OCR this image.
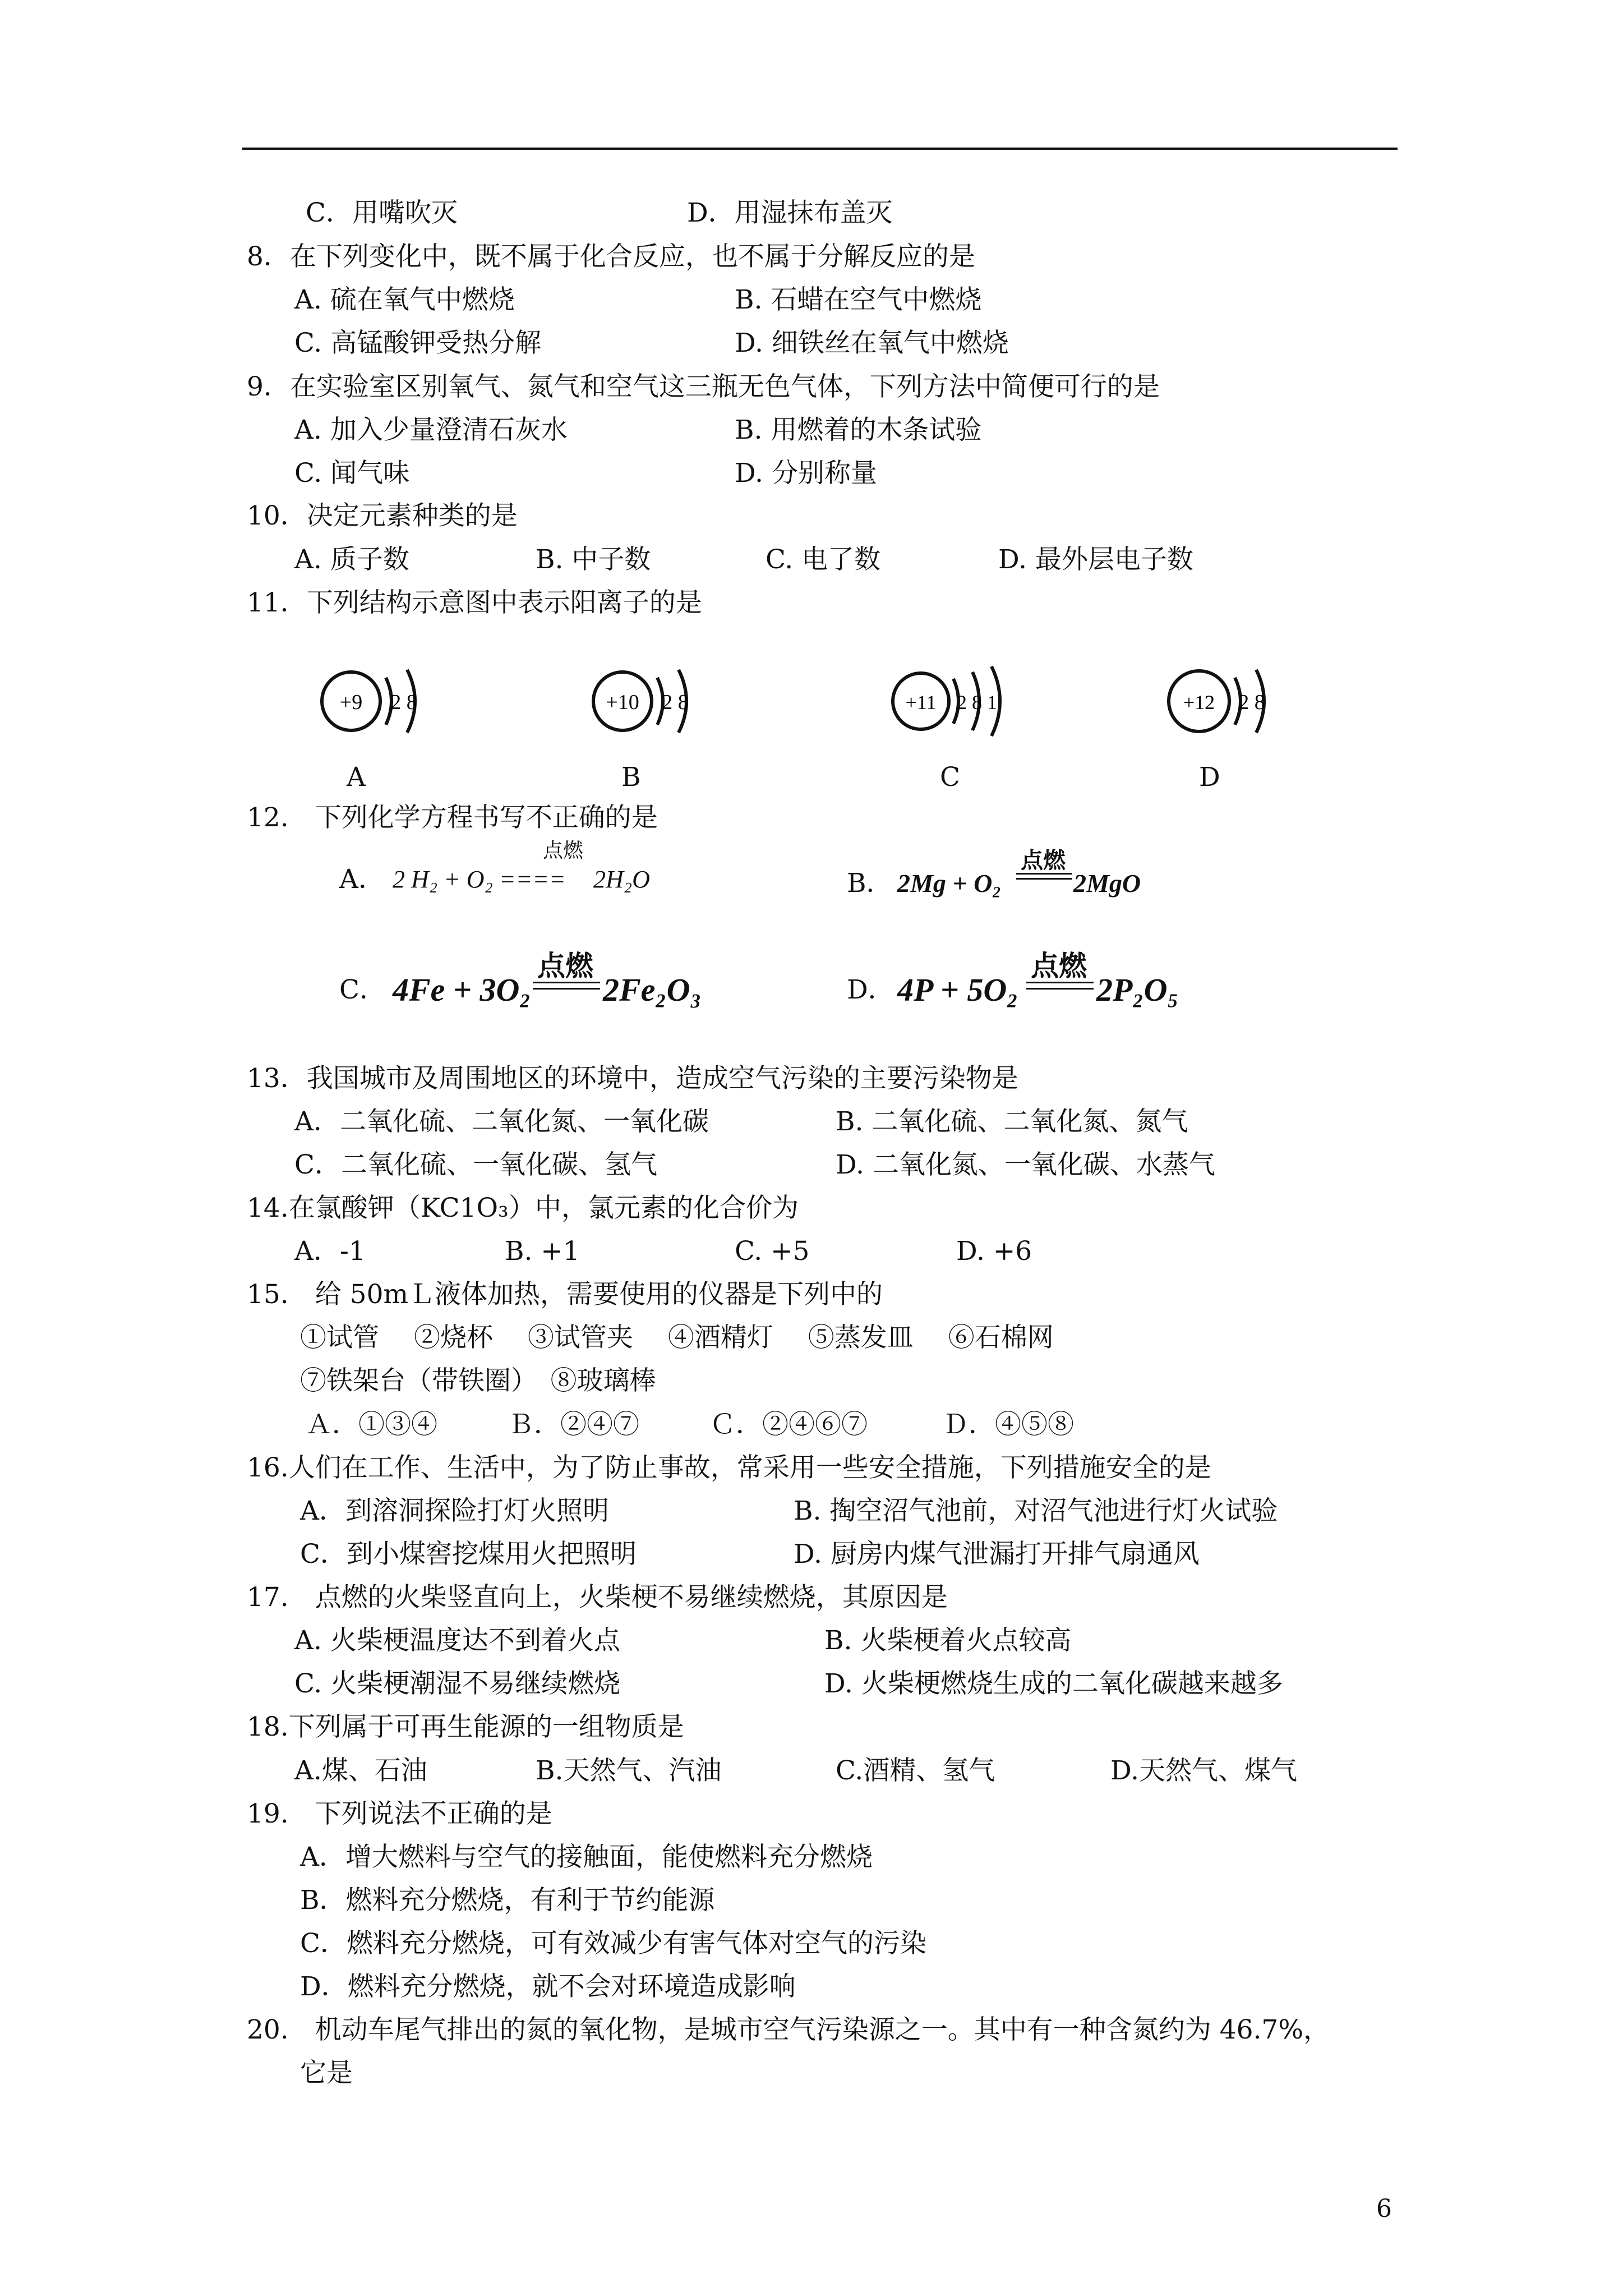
C．用嘴吹灭	D．用湿抹布盖灭
8．在下列变化中，既不属于化合反应，也不属于分解反应的是
A. 硫在氧气中燃烧	B. 石蜡在空气中燃烧
C. 高锰酸钾受热分解	D. 细铁丝在氧气中燃烧
9．在实验室区别氧气、氮气和空气这三瓶无色气体，下列方法中简便可行的是
A. 加入少量澄清石灰水	B. 用燃着的木条试验
C. 闻气味	D. 分别称量
10．决定元素种类的是
A. 质子数	B. 中子数	C. 电了数	D. 最外层电子数
11．下列结构示意图中表示阳离子的是
+9 2 8
A
+10 2 8
B
+11 2 8 1
C
+12 2 8
D
12.　下列化学方程书写不正确的是
点燃
A． 2 H₂ + O₂ ==== 2H₂O	B． 2Mg + O₂
点燃
2MgO
C． 4Fe + 3O₂
点燃
2Fe₂O₃	D． 4P + 5O₂
点燃
2P₂O₅
13．我国城市及周围地区的环境中，造成空气污染的主要污染物是
A．二氧化硫、二氧化氮、一氧化碳	B. 二氧化硫、二氧化氮、氮气
C．二氧化硫、一氧化碳、氢气	D. 二氧化氮、一氧化碳、水蒸气
14.在氯酸钾（KC1O₃）中，氯元素的化合价为
A．-1	B. +1	C. +5	D. +6
15.　给 50mＬ液体加热，需要使用的仪器是下列中的
①试管　 ②烧杯　 ③试管夹　 ④酒精灯　 ⑤蒸发皿　 ⑥石棉网
⑦铁架台（带铁圈）　⑧玻璃棒
Ａ．①③④	Ｂ．②④⑦	Ｃ．②④⑥⑦	Ｄ．④⑤⑧
16.人们在工作、生活中，为了防止事故，常采用一些安全措施，下列措施安全的是
A．到溶洞探险打灯火照明	B. 掏空沼气池前，对沼气池进行灯火试验
C．到小煤窖挖煤用火把照明	D. 厨房内煤气泄漏打开排气扇通风
17.　点燃的火柴竖直向上，火柴梗不易继续燃烧，其原因是
A. 火柴梗温度达不到着火点	B. 火柴梗着火点较高
C. 火柴梗潮湿不易继续燃烧	D. 火柴梗燃烧生成的二氧化碳越来越多
18.下列属于可再生能源的一组物质是
A.煤、石油	B.天然气、汽油	C.酒精、氢气	D.天然气、煤气
19.　下列说法不正确的是
A．增大燃料与空气的接触面，能使燃料充分燃烧
B．燃料充分燃烧，有利于节约能源
C．燃料充分燃烧，可有效减少有害气体对空气的污染
D．燃料充分燃烧，就不会对环境造成影响
20.　机动车尾气排出的氮的氧化物，是城市空气污染源之一。其中有一种含氮约为 46.7%，
它是
6
